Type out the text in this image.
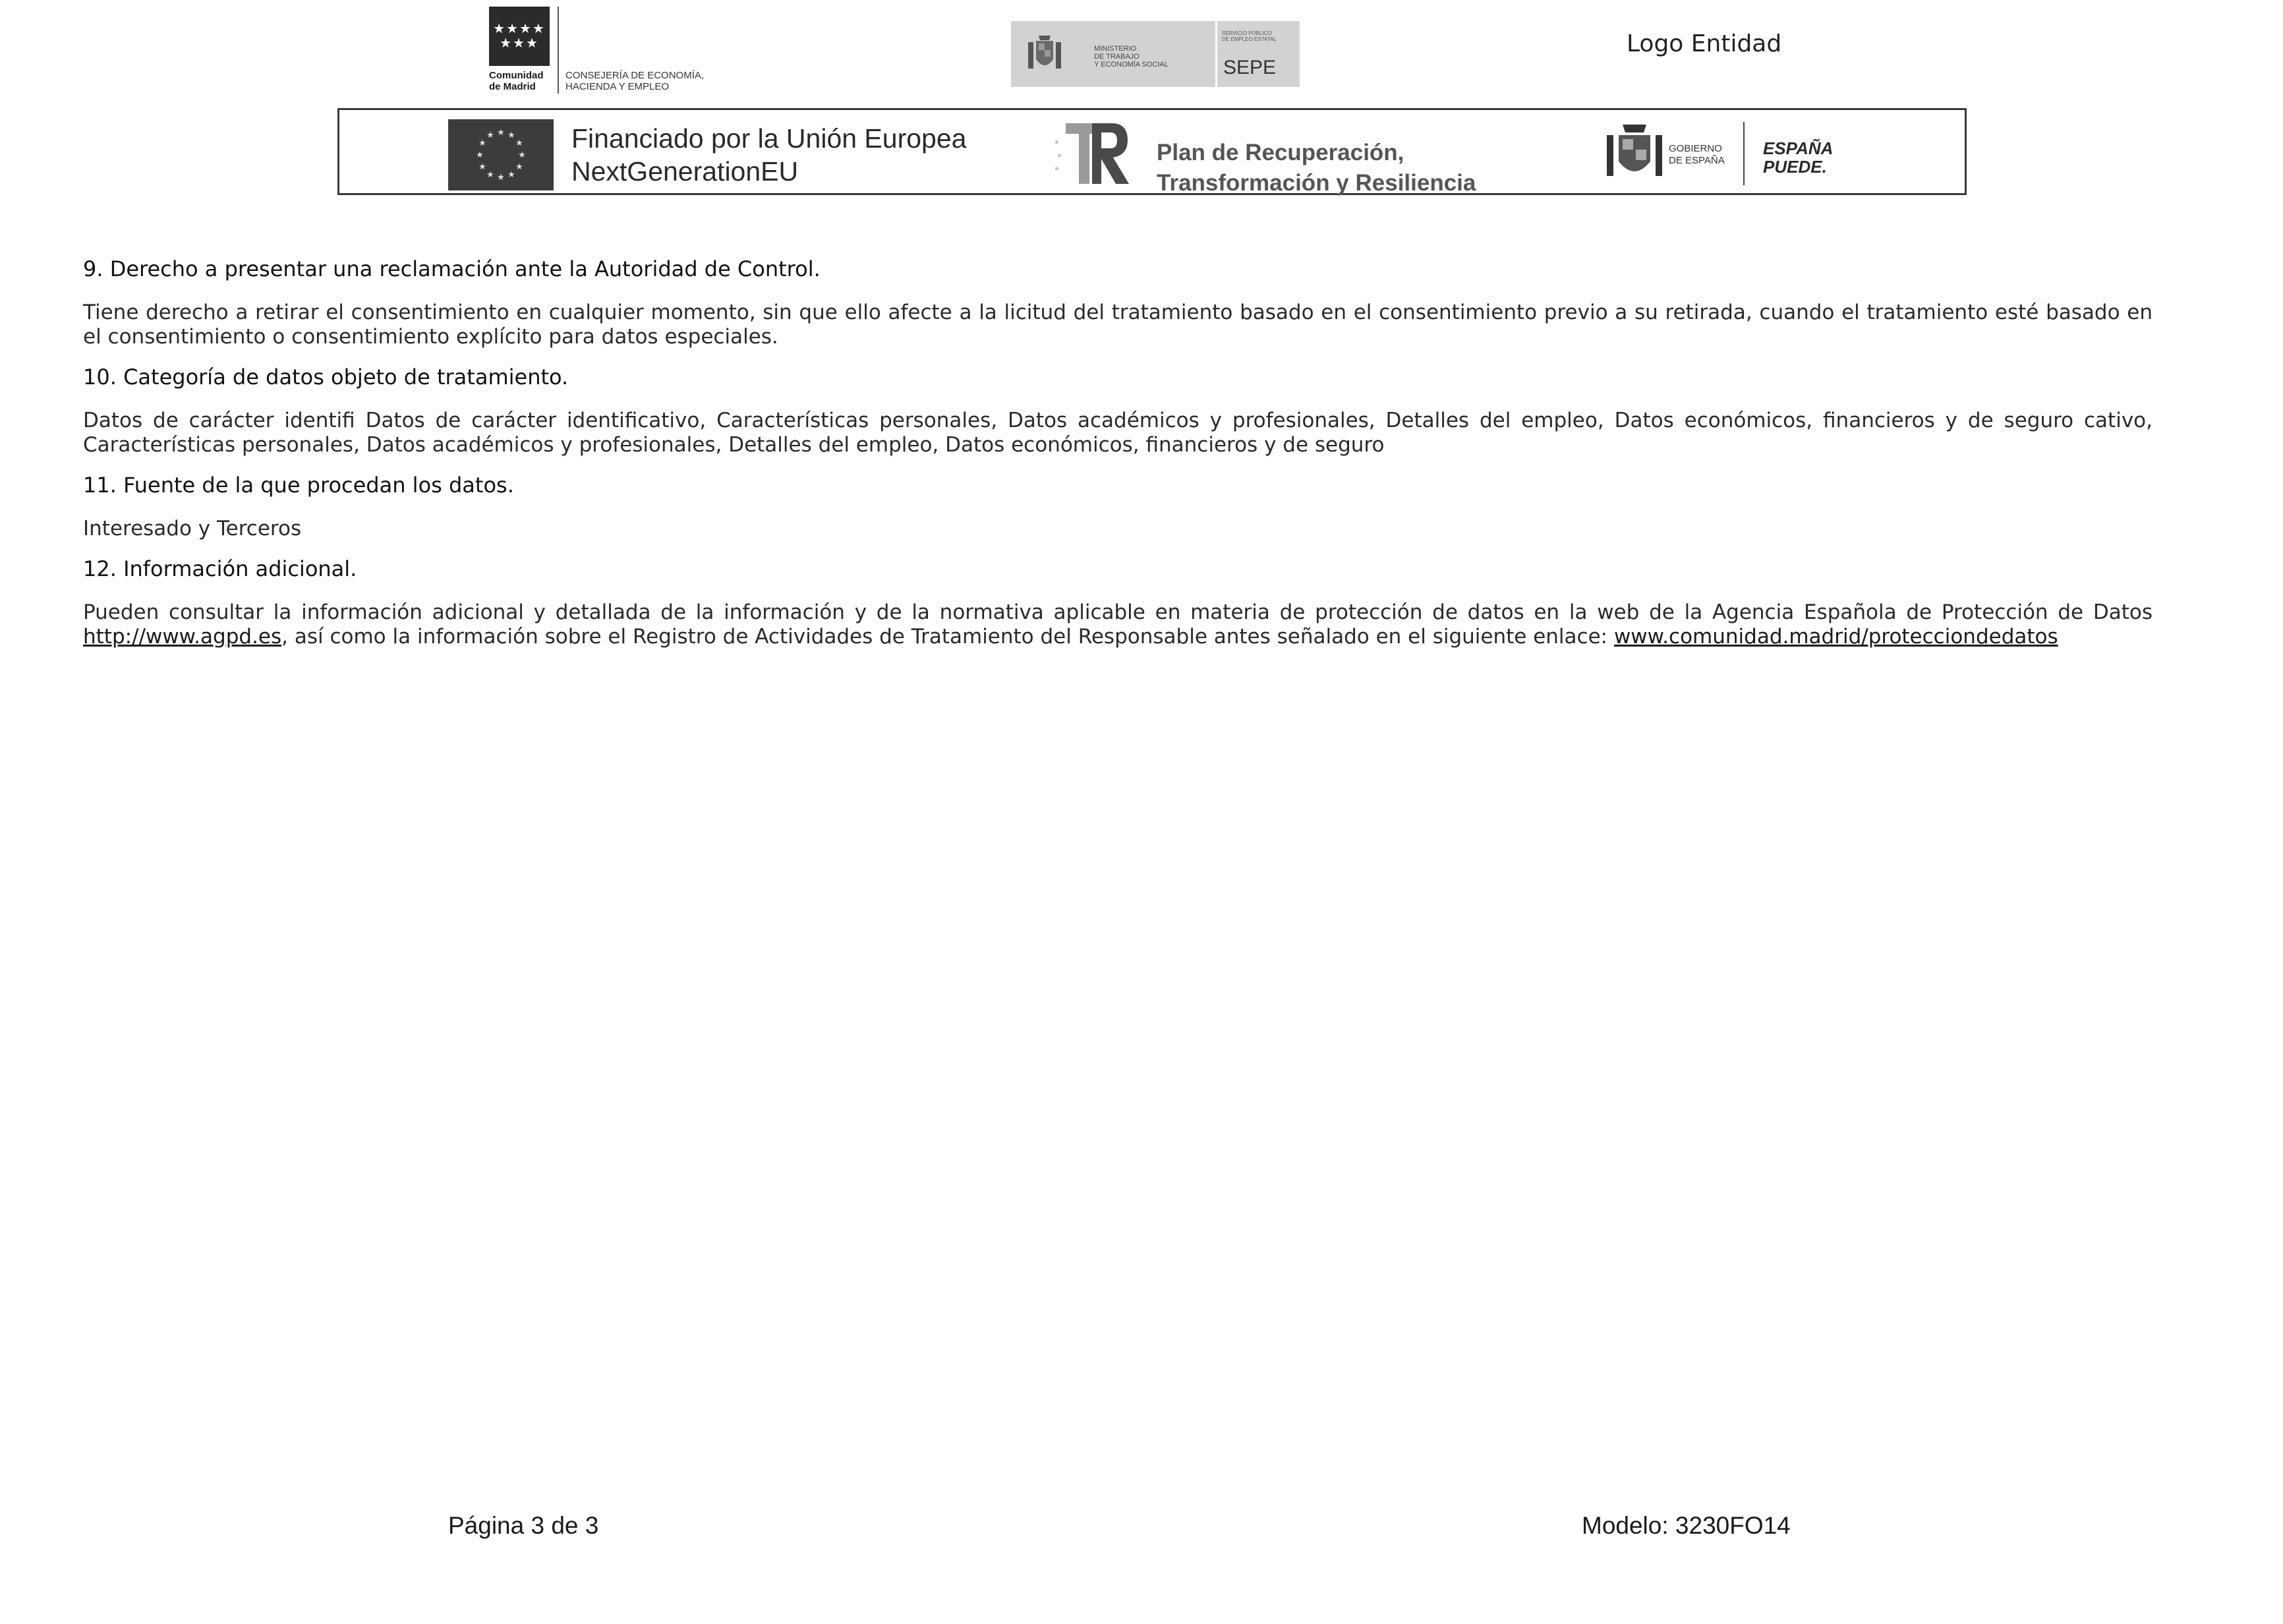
★★★★
★★★
Comunidad
de Madrid
CONSEJERÍA DE ECONOMÍA,
HACIENDA Y EMPLEO
MINISTERIO
DE TRABAJO
Y ECONOMÍA SOCIAL
SERVICIO PÚBLICO
DE EMPLEO ESTATAL
SEPE
Logo Entidad
★ ★
★
★
★
★
★
★
★
★
★
★	Financiado por la Unión Europea
NextGenerationEU
★
★
★
Plan de Recuperación,
Transformación y Resiliencia
GOBIERNO
DE ESPAÑA
ESPAÑA
PUEDE.
9. Derecho a presentar una reclamación ante la Autoridad de Control.

Tiene derecho a retirar el consentimiento en cualquier momento, sin que ello afecte a la licitud del tratamiento basado en el consentimiento previo a su retirada, cuando el tratamiento esté basado en el consentimiento o consentimiento explícito para datos especiales.

10. Categoría de datos objeto de tratamiento.

Datos de carácter identifi Datos de carácter identificativo, Características personales, Datos académicos y profesionales, Detalles del empleo, Datos económicos, financieros y de seguro cativo, Características personales, Datos académicos y profesionales, Detalles del empleo, Datos económicos, financieros y de seguro

11. Fuente de la que procedan los datos.

Interesado y Terceros

12. Información adicional.

Pueden consultar la información adicional y detallada de la información y de la normativa aplicable en materia de protección de datos en la web de la Agencia Española de Protección de Datos http://www.agpd.es, así como la información sobre el Registro de Actividades de Tratamiento del Responsable antes señalado en el siguiente enlace: www.comunidad.madrid/protecciondedatos

Página 3 de 3	Modelo: 3230FO14
